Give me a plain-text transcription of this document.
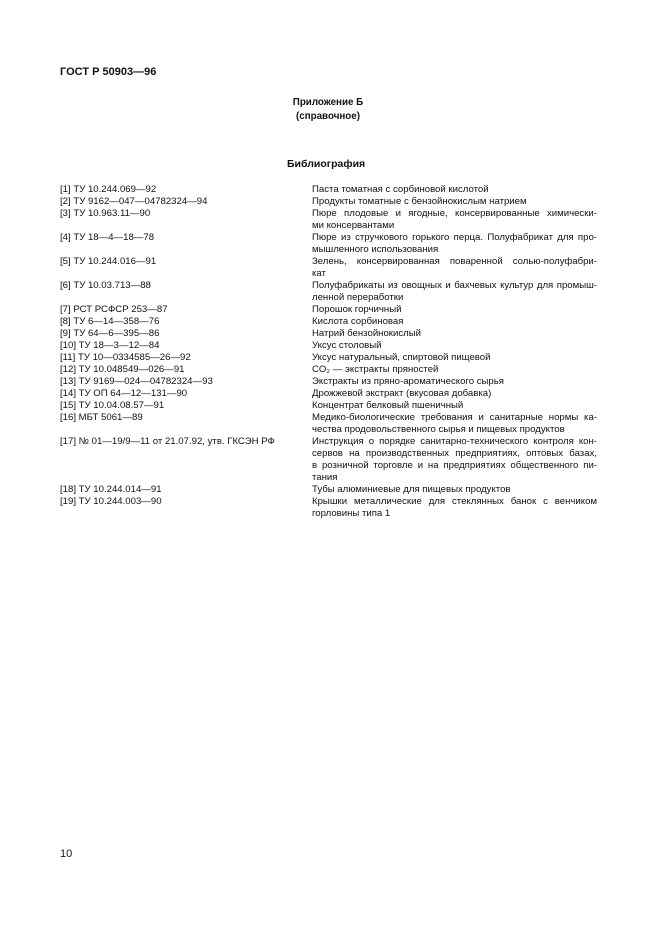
ГОСТ Р 50903—96
Приложение Б
(справочное)
Библиография
[1] ТУ 10.244.069—92	Паста томатная с сорбиновой кислотой
[2] ТУ 9162—047—04782324—94	Продукты томатные с бензойнокислым натрием
[3] ТУ 10.963.11—90	Пюре плодовые и ягодные, консервированные химически-
ми консервантами
[4] ТУ 18—4—18—78	Пюре из стручкового горького перца. Полуфабрикат для про-
мышленного использования
[5] ТУ 10.244.016—91	Зелень, консервированная поваренной солью-полуфабри-
кат
[6] ТУ 10.03.713—88	Полуфабрикаты из овощных и бахчевых культур для промыш-
ленной переработки
[7] РСТ РСФСР 253—87	Порошок горчичный
[8] ТУ 6—14—358—76	Кислота сорбиновая
[9] ТУ 64—6—395—86	Натрий бензойнокислый
[10] ТУ 18—3—12—84	Уксус столовый
[11] ТУ 10—0334585—26—92	Уксус натуральный, спиртовой пищевой
[12] ТУ 10.048549—026—91	CO₂ — экстракты пряностей
[13] ТУ 9169—024—04782324—93	Экстракты из пряно-ароматического сырья
[14] ТУ ОП 64—12—131—90	Дрожжевой экстракт (вкусовая добавка)
[15] ТУ 10.04.08.57—91	Концентрат белковый пшеничный
[16] МБТ 5061—89	Медико-биологические требования и санитарные нормы ка-
чества продовольственного сырья и пищевых продуктов
[17] № 01—19/9—11 от 21.07.92, утв. ГКСЭН РФ	Инструкция о порядке санитарно-технического контроля кон-
сервов на производственных предприятиях, оптовых базах,
в розничной торговле и на предприятиях общественного пи-
тания
[18] ТУ 10.244.014—91	Тубы алюминиевые для пищевых продуктов
[19] ТУ 10.244.003—90	Крышки металлические для стеклянных банок с венчиком
горловины типа 1
10
